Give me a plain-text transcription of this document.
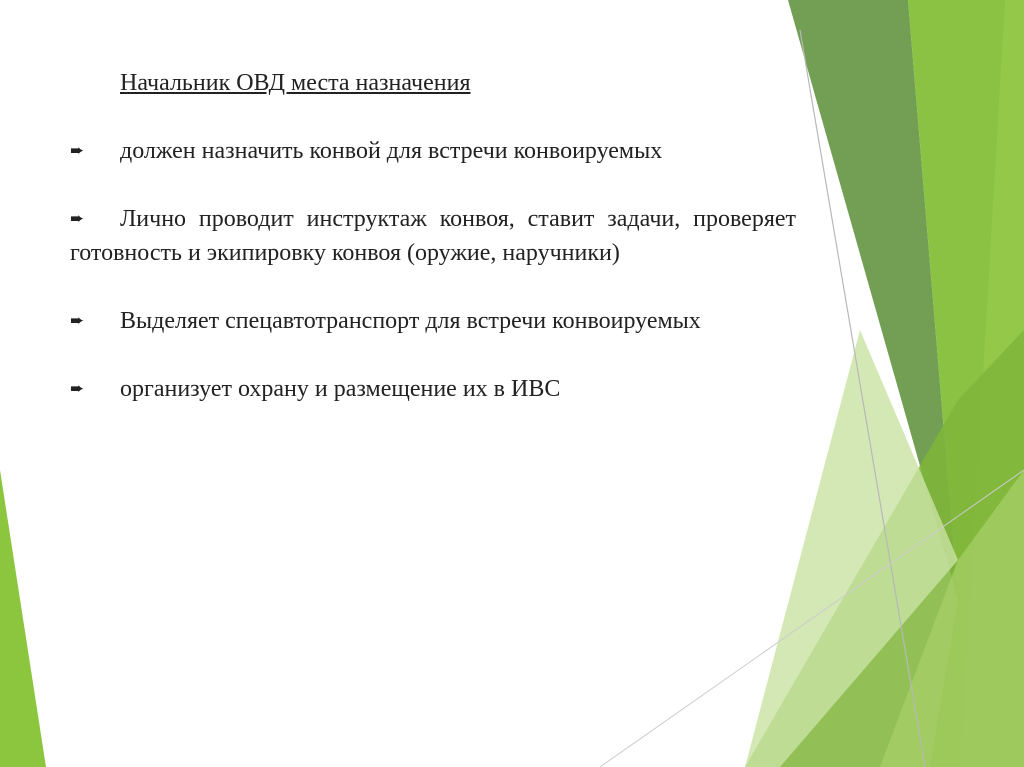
Начальник ОВД места назначения

➨ должен назначить конвой для встречи конвоируемых

➨ Лично проводит инструктаж конвоя, ставит задачи, проверяет готовность и экипировку конвоя (оружие, наручники)

➨ Выделяет спецавтотранспорт для встречи конвоируемых

➨ организует охрану и размещение их в ИВС
